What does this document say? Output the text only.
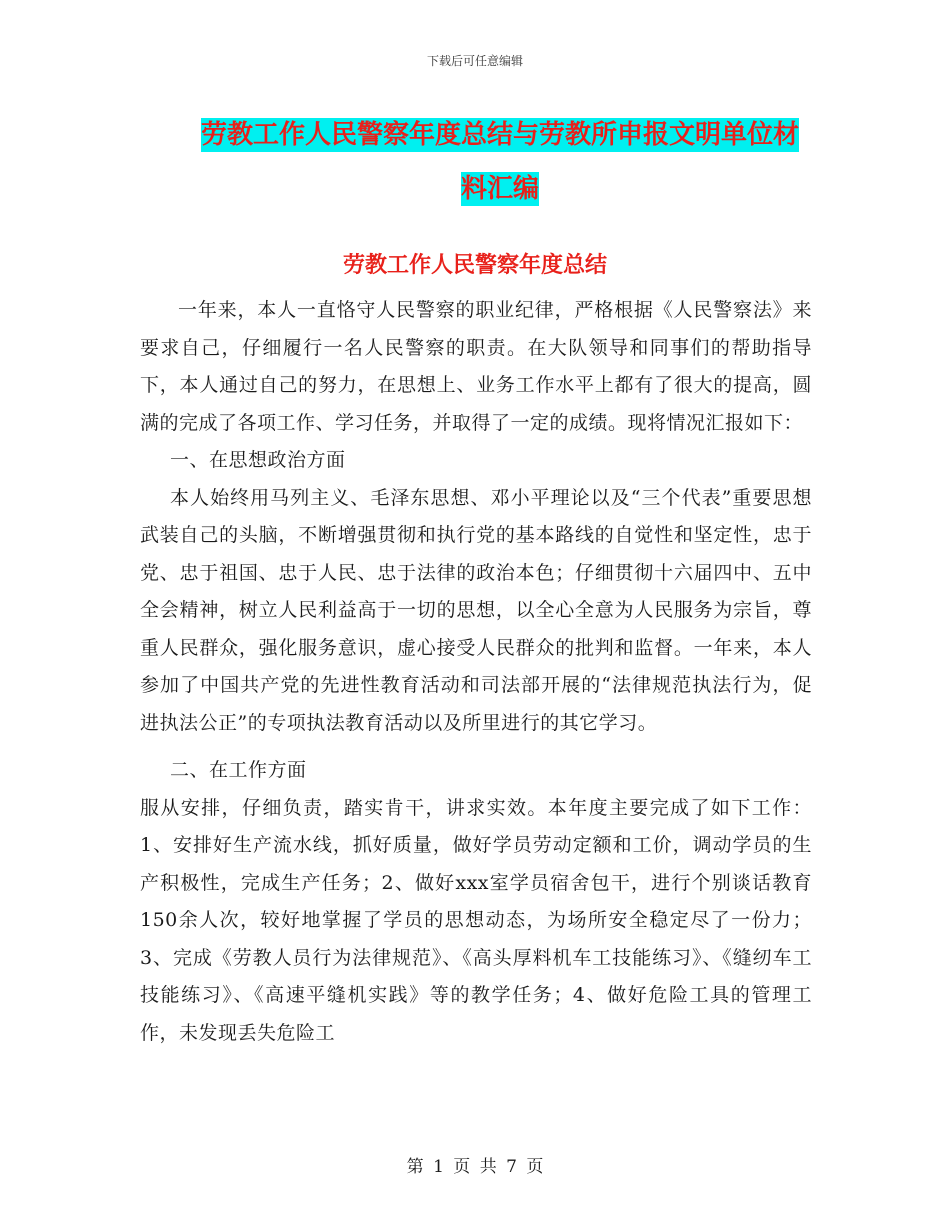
下载后可任意编辑
劳教工作人民警察年度总结与劳教所申报文明单位材
料汇编
劳教工作人民警察年度总结

一年来，本人一直恪守人民警察的职业纪律，严格根据《人民警察法》来要求自己，仔细履行一名人民警察的职责。在大队领导和同事们的帮助指导下，本人通过自己的努力，在思想上、业务工作水平上都有了很大的提高，圆满的完成了各项工作、学习任务，并取得了一定的成绩。现将情况汇报如下：

一、在思想政治方面

本人始终用马列主义、毛泽东思想、邓小平理论以及“三个代表”重要思想武装自己的头脑，不断增强贯彻和执行党的基本路线的自觉性和坚定性，忠于党、忠于祖国、忠于人民、忠于法律的政治本色；仔细贯彻十六届四中、五中全会精神，树立人民利益高于一切的思想，以全心全意为人民服务为宗旨，尊重人民群众，强化服务意识，虚心接受人民群众的批判和监督。一年来，本人参加了中国共产党的先进性教育活动和司法部开展的“法律规范执法行为，促进执法公正”的专项执法教育活动以及所里进行的其它学习。

二、在工作方面

服从安排，仔细负责，踏实肯干，讲求实效。本年度主要完成了如下工作：1、安排好生产流水线，抓好质量，做好学员劳动定额和工价，调动学员的生产积极性，完成生产任务；2、做好xxx室学员宿舍包干，进行个别谈话教育150余人次，较好地掌握了学员的思想动态，为场所安全稳定尽了一份力；3、完成《劳教人员行为法律规范》、《高头厚料机车工技能练习》、《缝纫车工技能练习》、《高速平缝机实践》等的教学任务；4、做好危险工具的管理工作，未发现丢失危险工

第 1 页 共 7 页
